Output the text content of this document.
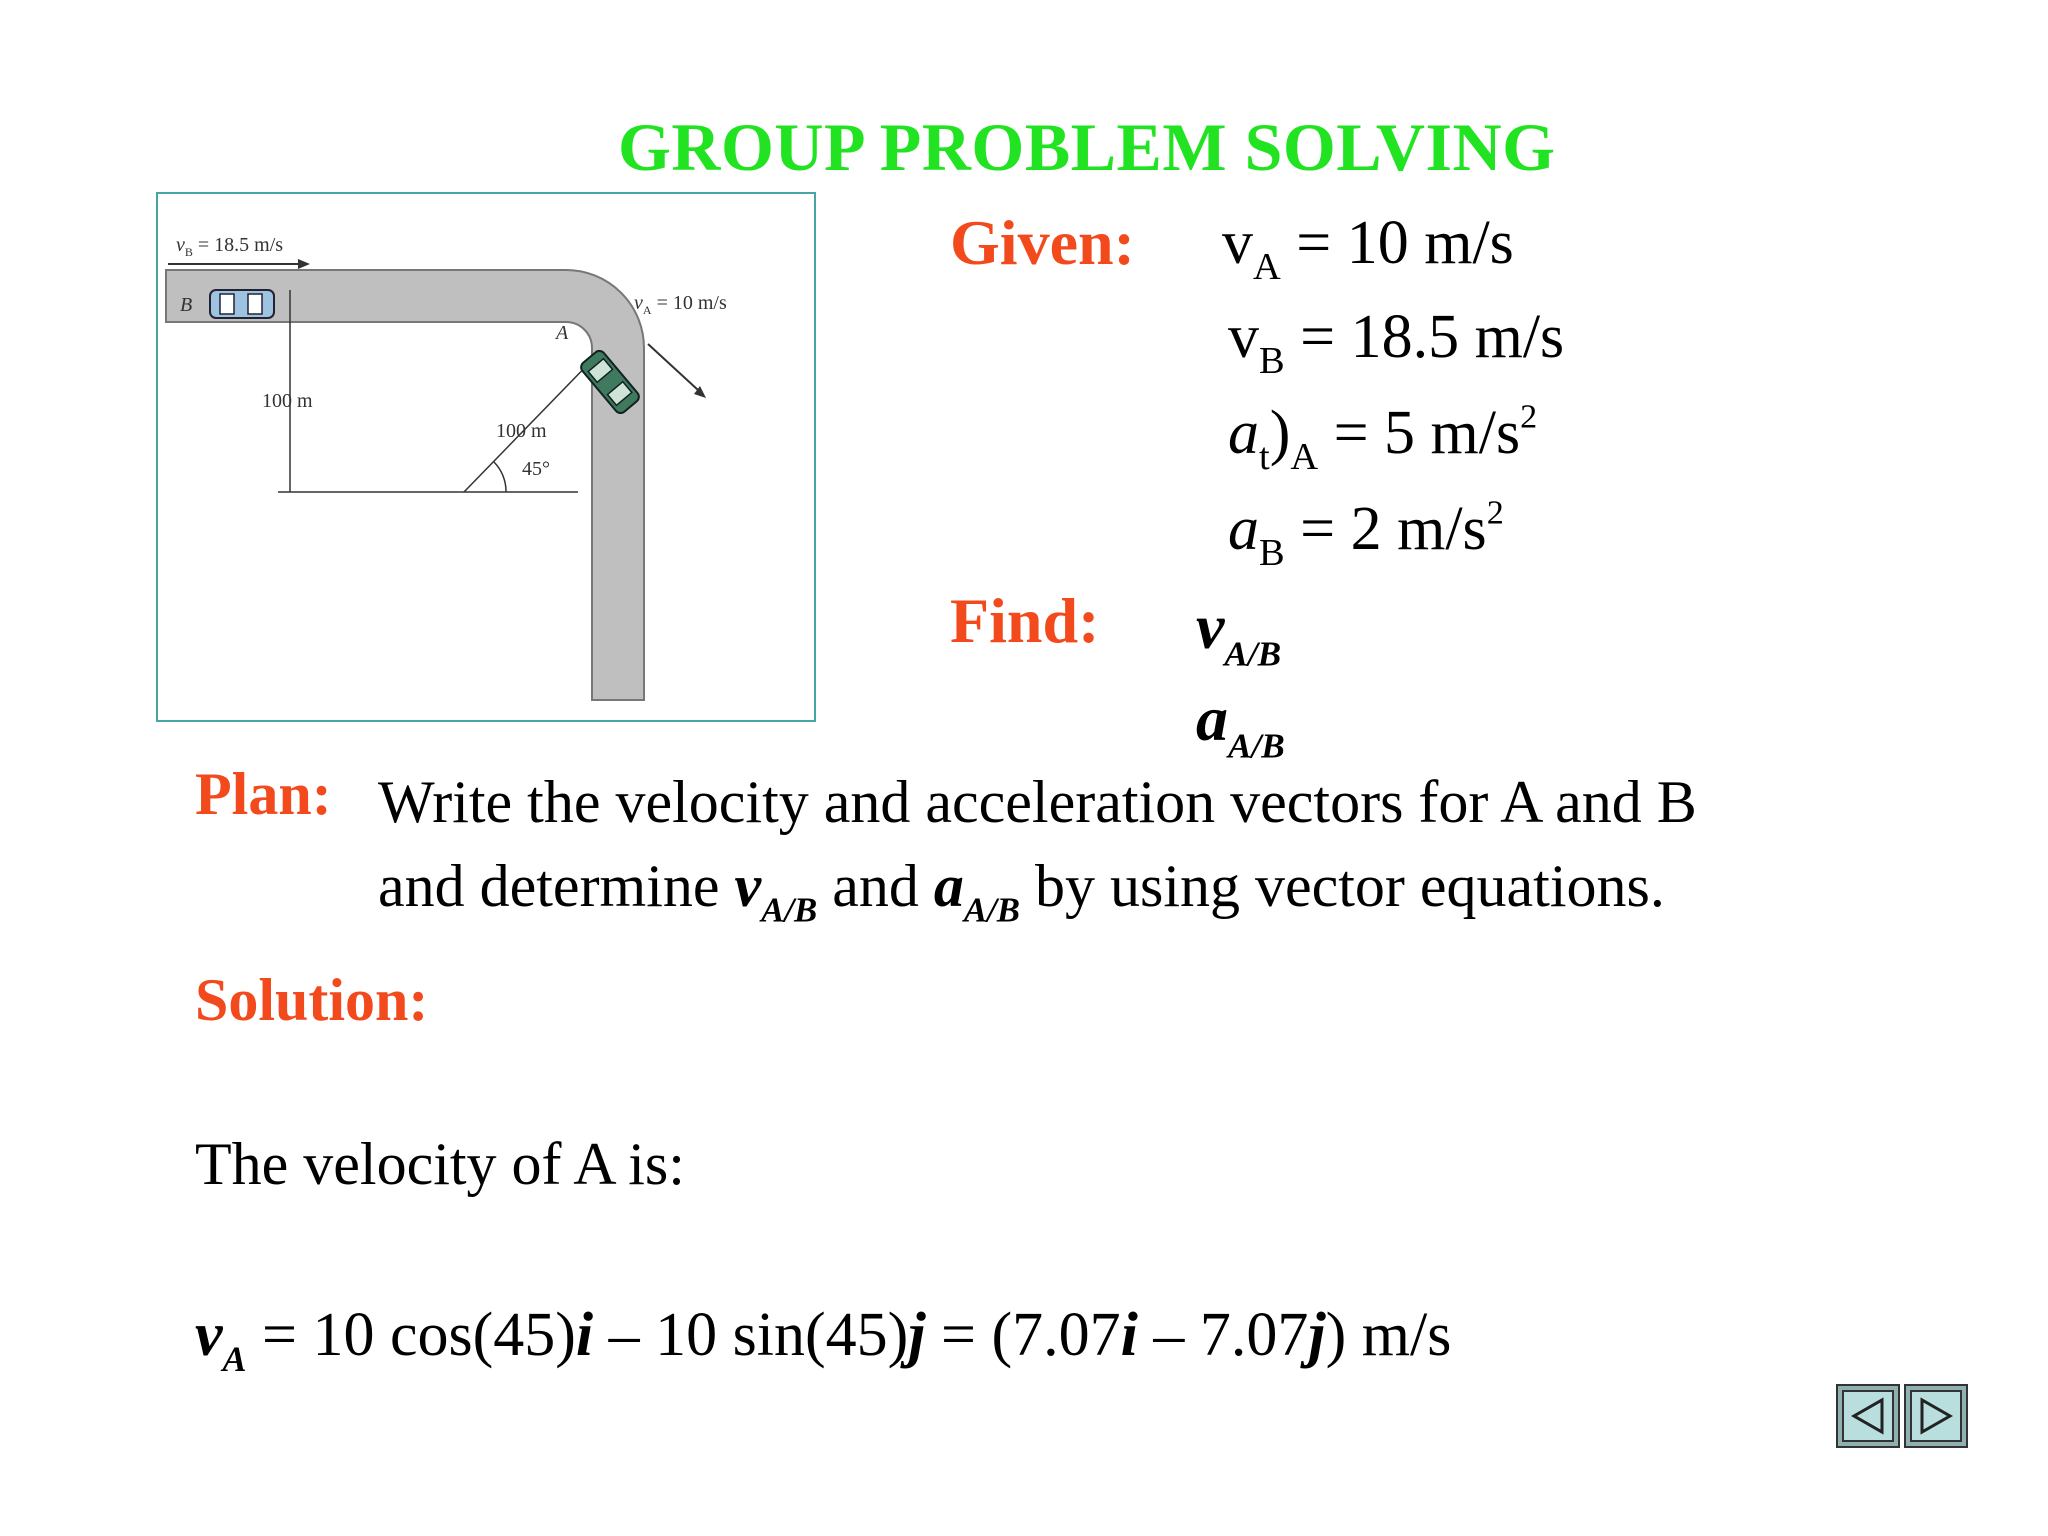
GROUP PROBLEM SOLVING
$v_B = 18.5$ m/s
$v_A = 10$ m/s
B
A
100 m
100 m
45°
Given: $v_A = 10$ m/s
$v_B = 18.5$ m/s
$a_t)_A = 5$ $m/s^2$
$a_B = 2$ $m/s^2$
Find: $v_{A/B}$
$a_{A/B}$
Plan: Write the velocity and acceleration vectors for A and B
and determine $v_{A/B}$ and $a_{A/B}$ by using vector equations.
Solution:
The velocity of A is:
$v_A = 10$ cos(45)i – 10 sin(45)j = (7.07i – 7.07j) m/s
